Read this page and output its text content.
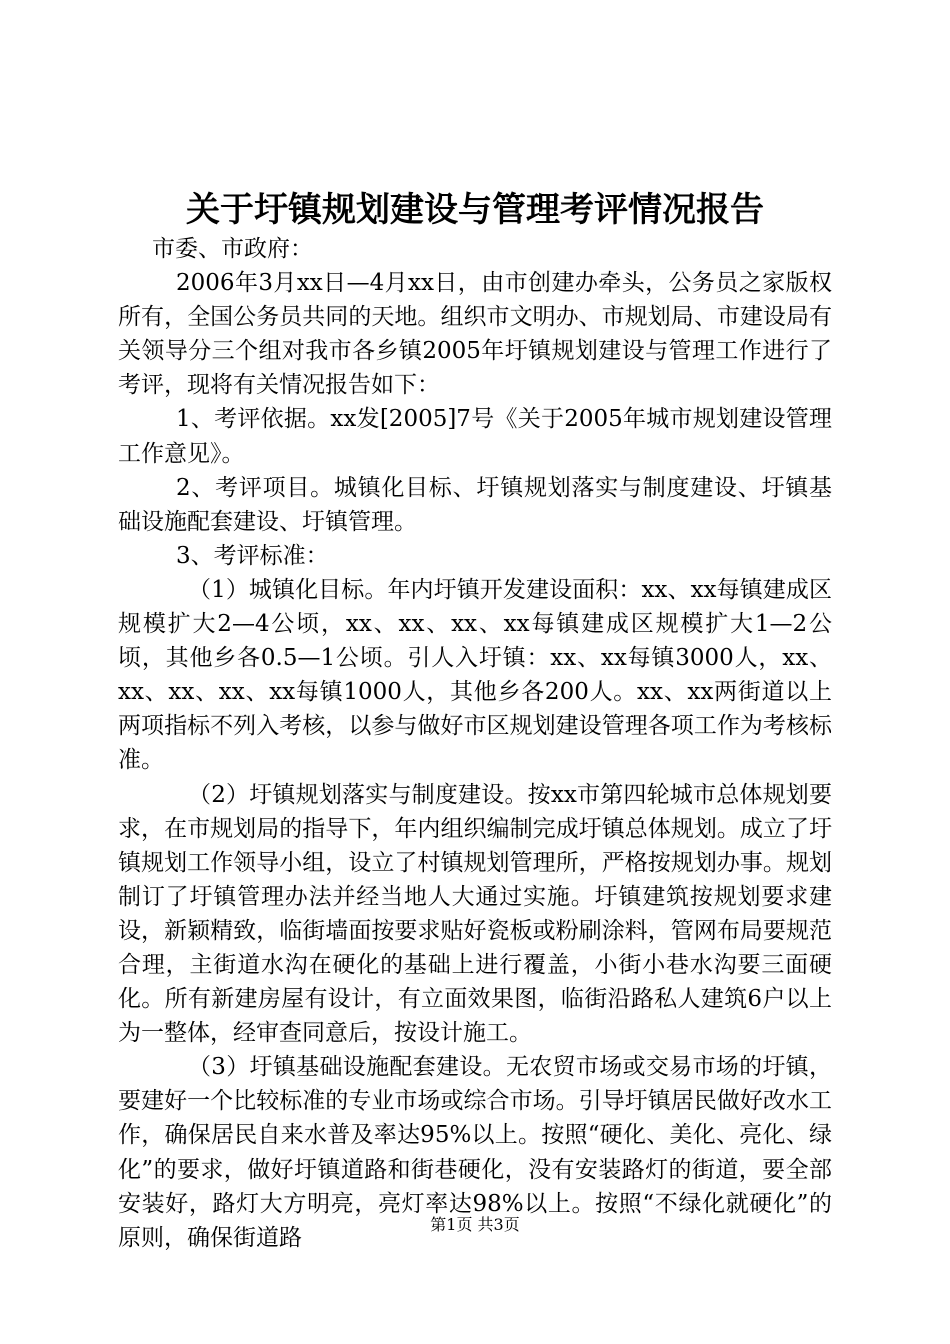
关于圩镇规划建设与管理考评情况报告

市委、市政府：

2006年3月xx日—4月xx日，由市创建办牵头，公务员之家版权所有，全国公务员共同的天地。组织市文明办、市规划局、市建设局有关领导分三个组对我市各乡镇2005年圩镇规划建设与管理工作进行了考评，现将有关情况报告如下：

1、考评依据。xx发[2005]7号《关于2005年城市规划建设管理工作意见》。

2、考评项目。城镇化目标、圩镇规划落实与制度建设、圩镇基础设施配套建设、圩镇管理。

3、考评标准：

（1）城镇化目标。年内圩镇开发建设面积：xx、xx每镇建成区规模扩大2—4公顷，xx、xx、xx、xx每镇建成区规模扩大1—2公顷，其他乡各0.5—1公顷。引人入圩镇：xx、xx每镇3000人，xx、xx、xx、xx、xx每镇1000人，其他乡各200人。xx、xx两街道以上两项指标不列入考核，以参与做好市区规划建设管理各项工作为考核标准。

（2）圩镇规划落实与制度建设。按xx市第四轮城市总体规划要求，在市规划局的指导下，年内组织编制完成圩镇总体规划。成立了圩镇规划工作领导小组，设立了村镇规划管理所，严格按规划办事。规划制订了圩镇管理办法并经当地人大通过实施。圩镇建筑按规划要求建设，新颖精致，临街墙面按要求贴好瓷板或粉刷涂料，管网布局要规范合理，主街道水沟在硬化的基础上进行覆盖，小街小巷水沟要三面硬化。所有新建房屋有设计，有立面效果图，临街沿路私人建筑6户以上为一整体，经审查同意后，按设计施工。

（3）圩镇基础设施配套建设。无农贸市场或交易市场的圩镇，要建好一个比较标准的专业市场或综合市场。引导圩镇居民做好改水工作，确保居民自来水普及率达95%以上。按照“硬化、美化、亮化、绿化”的要求，做好圩镇道路和街巷硬化，没有安装路灯的街道，要全部安装好，路灯大方明亮，亮灯率达98%以上。按照“不绿化就硬化”的原则，确保街道路

第1页 共3页
